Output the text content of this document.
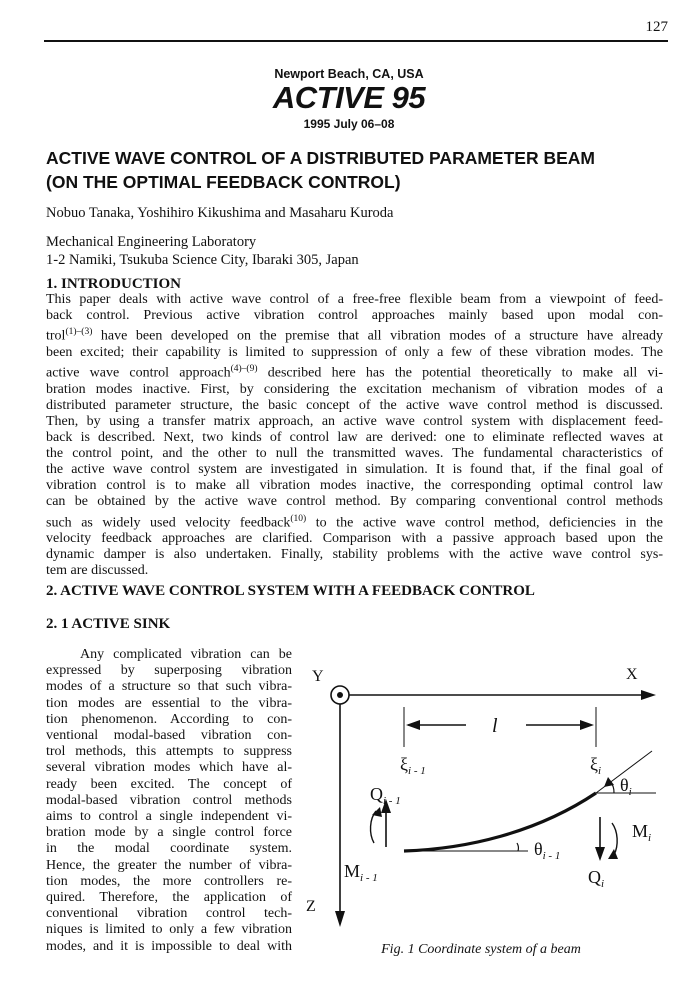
127
Newport Beach, CA, USA
ACTIVE 95
1995 July 06–08
ACTIVE WAVE CONTROL OF A DISTRIBUTED PARAMETER BEAM
(ON THE OPTIMAL FEEDBACK CONTROL)
Nobuo Tanaka, Yoshihiro Kikushima and Masaharu Kuroda
Mechanical Engineering Laboratory
1-2 Namiki, Tsukuba Science City, Ibaraki 305, Japan
1. INTRODUCTION
This paper deals with active wave control of a free-free flexible beam from a viewpoint of feed-
back control. Previous active vibration control approaches mainly based upon modal con-
trol$^{(1)-(3)}$ have been developed on the premise that all vibration modes of a structure have already
been excited; their capability is limited to suppression of only a few of these vibration modes. The
active wave control approach$^{(4)-(9)}$ described here has the potential theoretically to make all vi-
bration modes inactive. First, by considering the excitation mechanism of vibration modes of a
distributed parameter structure, the basic concept of the active wave control method is discussed.
Then, by using a transfer matrix approach, an active wave control system with displacement feed-
back is described. Next, two kinds of control law are derived: one to eliminate reflected waves at
the control point, and the other to null the transmitted waves. The fundamental characteristics of
the active wave control system are investigated in simulation. It is found that, if the final goal of
vibration control is to make all vibration modes inactive, the corresponding optimal control law
can be obtained by the active wave control method. By comparing conventional control methods
such as widely used velocity feedback$^{(10)}$ to the active wave control method, deficiencies in the
velocity feedback approaches are clarified. Comparison with a passive approach based upon the
dynamic damper is also undertaken. Finally, stability problems with the active wave control sys-
tem are discussed.
2. ACTIVE WAVE CONTROL SYSTEM WITH A FEEDBACK CONTROL
2. 1 ACTIVE SINK
Any complicated vibration can be
expressed by superposing vibration
modes of a structure so that such vibra-
tion modes are essential to the vibra-
tion phenomenon. According to con-
ventional modal-based vibration con-
trol methods, this attempts to suppress
several vibration modes which have al-
ready been excited. The concept of
modal-based vibration control methods
aims to control a single independent vi-
bration mode by a single control force
in the modal coordinate system.
Hence, the greater the number of vibra-
tion modes, the more controllers re-
quired. Therefore, the application of
conventional vibration control tech-
niques is limited to only a few vibration
modes, and it is impossible to deal with
Y	X
Z
l
$\xi_{i - 1}$	$\xi_i$
$\theta_i$
$Q_i$
$M_i$
$\theta_{i - 1}$
$Q_{i - 1}$
$M_{i - 1}$
Fig. 1 Coordinate system of a beam
